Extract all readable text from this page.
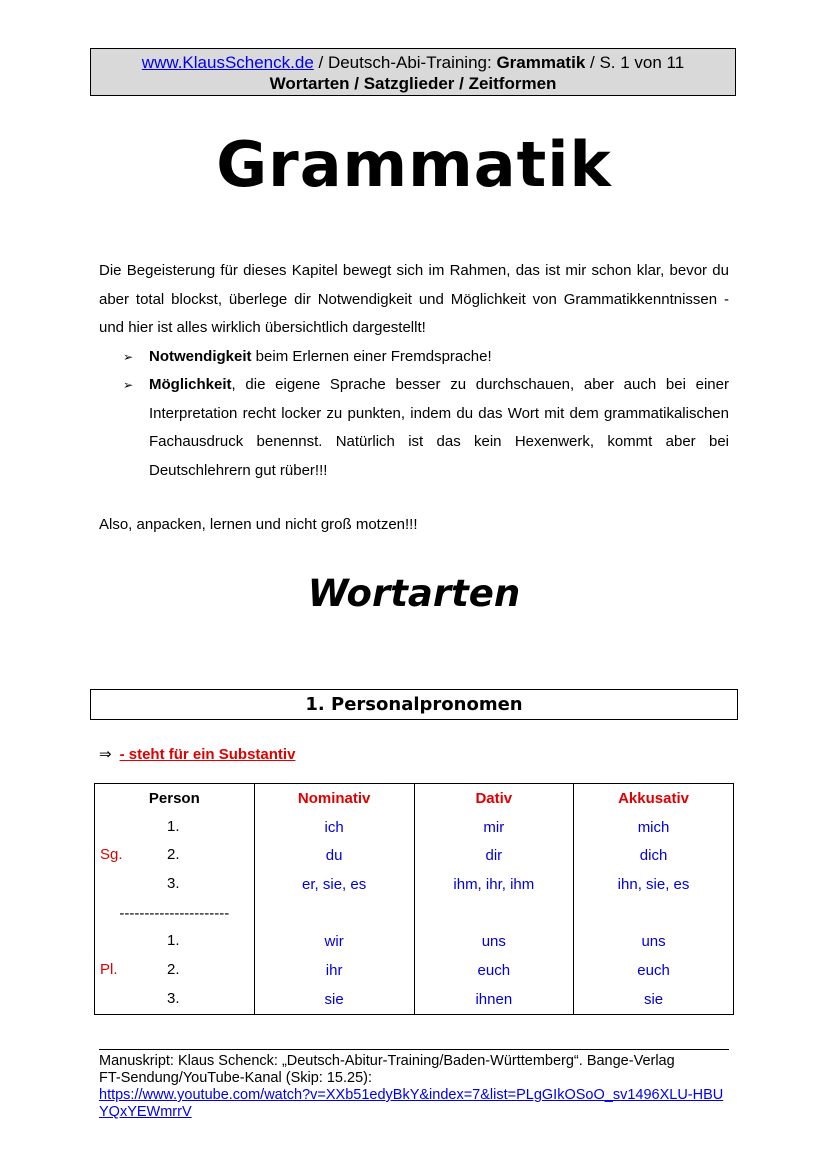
www.KlausSchenck.de / Deutsch-Abi-Training: Grammatik / S. 1 von 11
Wortarten / Satzglieder / Zeitformen
Grammatik

Die Begeisterung für dieses Kapitel bewegt sich im Rahmen, das ist mir schon klar, bevor du aber total blockst, überlege dir Notwendigkeit und Möglichkeit von Grammatikkenntnissen - und hier ist alles wirklich übersichtlich dargestellt!

➢	Notwendigkeit beim Erlernen einer Fremdsprache!
➢	Möglichkeit, die eigene Sprache besser zu durchschauen, aber auch bei einer Interpretation recht locker zu punkten, indem du das Wort mit dem grammatikalischen Fachausdruck benennst. Natürlich ist das kein Hexenwerk, kommt aber bei Deutschlehrern gut rüber!!!
Also, anpacken, lernen und nicht groß motzen!!!
Wortarten
1. Personalpronomen
⇒ - steht für ein Substantiv
Person	Nominativ	Dativ	Akkusativ

1.	ich	mir	mich

Sg. 2.	du	dir	dich

3.	er, sie, es	ihm, ihr, ihm	ihn, sie, es
----------------------			

1.	wir	uns	uns

Pl. 2.	ihr	euch	euch

3.	sie	ihnen	sie
Manuskript: Klaus Schenck: „Deutsch-Abitur-Training/Baden-Württemberg“. Bange-Verlag
FT-Sendung/YouTube-Kanal (Skip: 15.25):
https://www.youtube.com/watch?v=XXb51edyBkY&index=7&list=PLgGIkOSoO_sv1496XLU-HBUYQxYEWmrrV
